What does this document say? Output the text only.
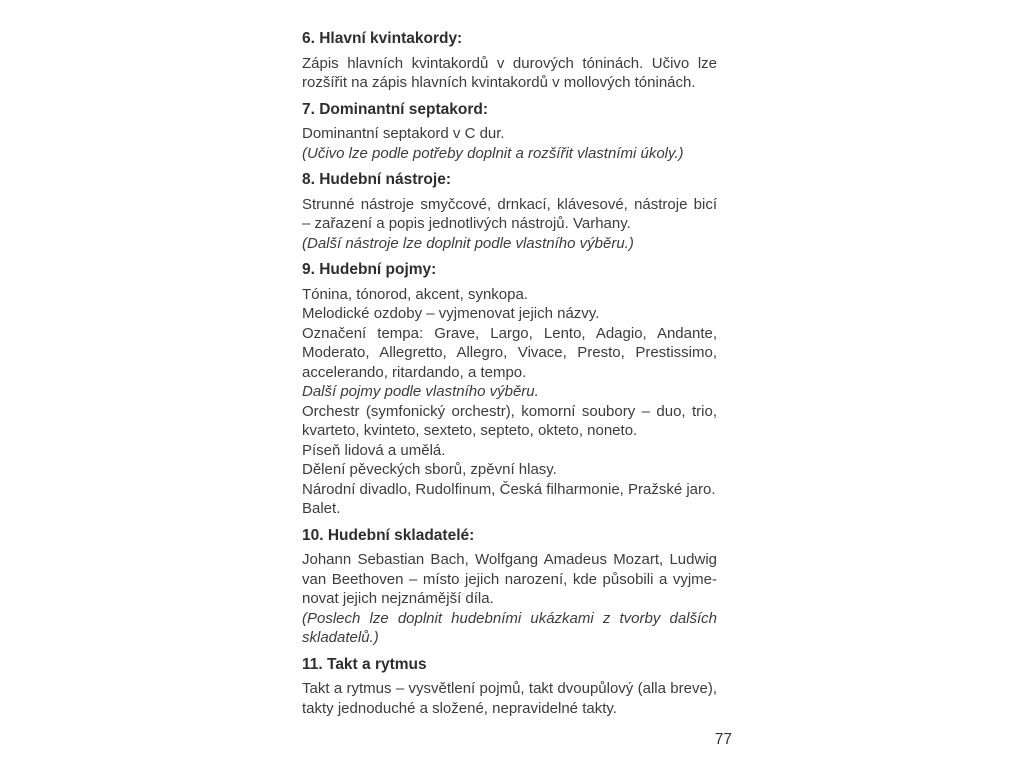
6. Hlavní kvintakordy:

Zápis hlavních kvintakordů v durových tóninách. Učivo lze rozšířit na zápis hlavních kvintakordů v mollových tóninách.

7. Dominantní septakord:

Dominantní septakord v C dur.

(Učivo lze podle potřeby doplnit a rozšířit vlastními úkoly.)

8. Hudební nástroje:

Strunné nástroje smyčcové, drnkací, klávesové, nástroje bicí – zařazení a popis jednotlivých nástrojů. Varhany.

(Další nástroje lze doplnit podle vlastního výběru.)

9. Hudební pojmy:

Tónina, tónorod, akcent, synkopa.

Melodické ozdoby – vyjmenovat jejich názvy.

Označení tempa: Grave, Largo, Lento, Adagio, Andante, Moderato, Allegretto, Allegro, Vivace, Presto, Prestissimo, accelerando, ritardando, a tempo.

Další pojmy podle vlastního výběru.

Orchestr (symfonický orchestr), komorní soubory – duo, trio, kvarteto, kvinteto, sexteto, septeto, okteto, noneto.

Píseň lidová a umělá.

Dělení pěveckých sborů, zpěvní hlasy.

Národní divadlo, Rudolfinum, Česká filharmonie, Pražské jaro.

Balet.

10. Hudební skladatelé:

Johann Sebastian Bach, Wolfgang Amadeus Mozart, Ludwig van Beethoven – místo jejich narození, kde působili a vyjmenovat jejich nejznámější díla.

(Poslech lze doplnit hudebními ukázkami z tvorby dalších skladatelů.)

11. Takt a rytmus

Takt a rytmus – vysvětlení pojmů, takt dvoupůlový (alla breve), takty jednoduché a složené, nepravidelné takty.

77
